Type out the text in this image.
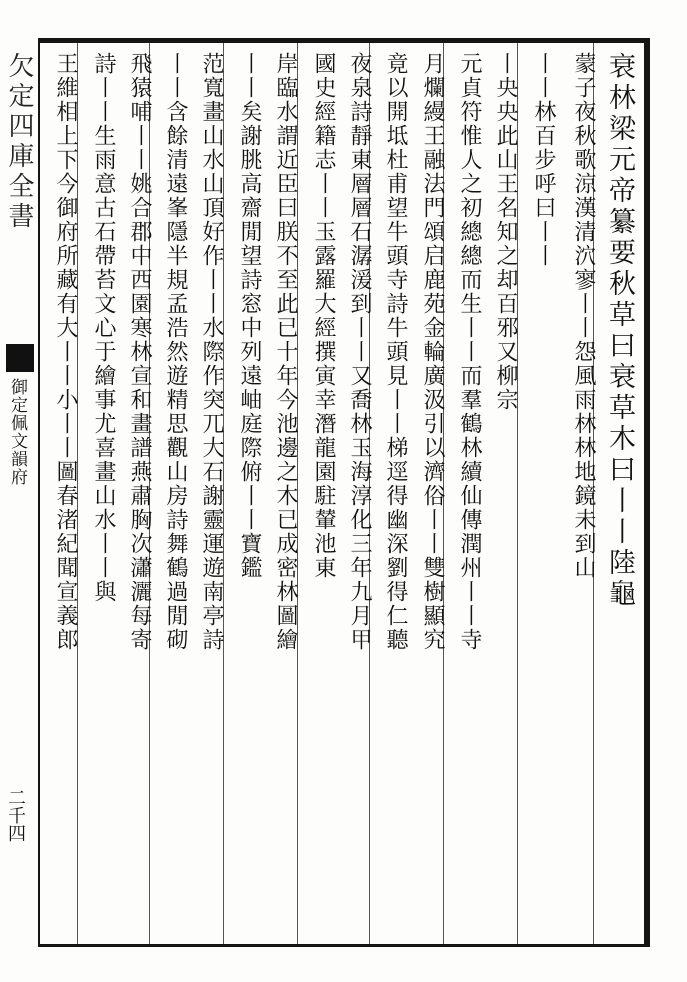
欠定四庫全書
御定佩文韻府
二千四
衰林梁元帝纂要秋草曰衰草木曰丨丨陸龜
蒙子夜秋歌涼漢清泬寥丨丨怨風雨林林地鏡未到山
丨丨林百步呼曰丨丨
丨央央此山王名知之却百邪又柳宗
元貞符惟人之初總總而生丨丨而羣鶴林續仙傳潤州丨丨寺
月爛縵王融法門頌启鹿苑金輪廣汲引以濟俗丨丨雙樹顯究
竟以開坻杜甫望牛頭寺詩牛頭見丨丨梯逕得幽深劉得仁聽
夜泉詩靜東層層石潺湲到丨丨又喬林玉海淳化三年九月甲
國史經籍志丨丨玉露羅大經撰寅幸潛龍園駐輦池東
岸臨水謂近臣曰朕不至此已十年今池邊之木已成密林圖繪
丨丨矣謝朓高齋閒望詩窓中列遠岫庭際俯丨丨寶鑑
范寬畫山水山頂好作丨丨水際作突兀大石謝靈運遊南亭詩
丨丨含餘清遠峯隱半規孟浩然遊精思觀山房詩舞鶴過閒砌
飛猿哺丨丨姚合郡中西園寒林宣和畫譜燕肅胸次瀟灑每寄
詩丨丨生雨意古石帶苔文心于繪事尤喜畫山水丨丨與
王維相上下今御府所藏有大丨丨小丨丨圖春渚紀聞宣義郎
